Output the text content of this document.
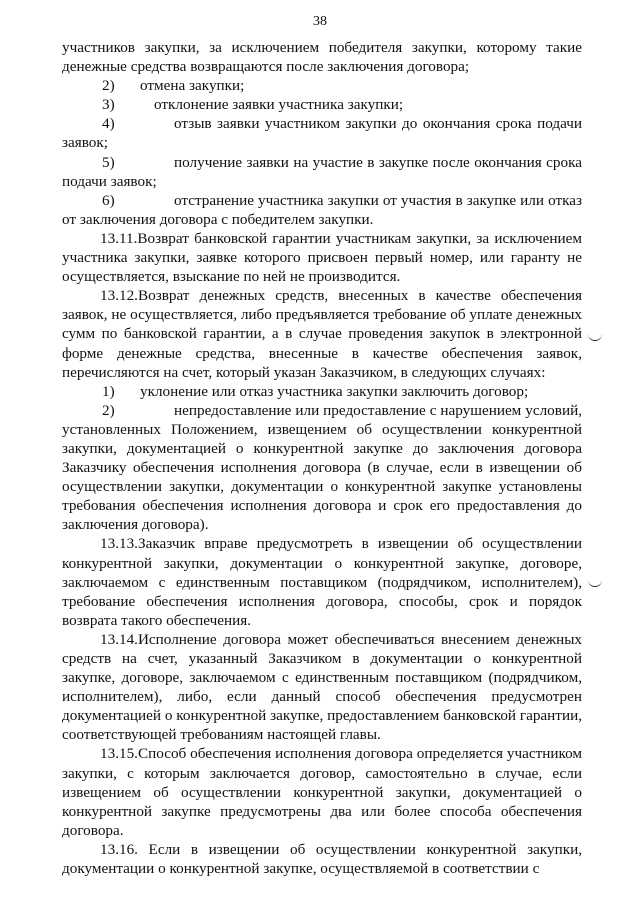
38

участников закупки, за исключением победителя закупки, которому такие денежные средства возвращаются после заключения договора;

2)	отмена закупки;
3)	отклонение заявки участника закупки;

4)	отзыв заявки участником закупки до окончания срока подачи заявок;

5)	получение заявки на участие в закупке после окончания срока подачи заявок;

6)	отстранение участника закупки от участия в закупке или отказ от заключения договора с победителем закупки.

13.11.Возврат банковской гарантии участникам закупки, за исключением участника закупки, заявке которого присвоен первый номер, или гаранту не осуществляется, взыскание по ней не производится.

13.12.Возврат денежных средств, внесенных в качестве обеспечения заявок, не осуществляется, либо предъявляется требование об уплате денежных сумм по банковской гарантии, а в случае проведения закупок в электронной форме денежные средства, внесенные в качестве обеспечения заявок, перечисляются на счет, который указан Заказчиком, в следующих случаях:

1)	уклонение или отказ участника закупки заключить договор;

2)	непредоставление или предоставление с нарушением условий, установленных Положением, извещением об осуществлении конкурентной закупки, документацией о конкурентной закупке до заключения договора Заказчику обеспечения исполнения договора (в случае, если в извещении об осуществлении закупки, документации о конкурентной закупке установлены требования обеспечения исполнения договора и срок его предоставления до заключения договора).

13.13.Заказчик вправе предусмотреть в извещении об осуществлении конкурентной закупки, документации о конкурентной закупке, договоре, заключаемом с единственным поставщиком (подрядчиком, исполнителем), требование обеспечения исполнения договора, способы, срок и порядок возврата такого обеспечения.

13.14.Исполнение договора может обеспечиваться внесением денежных средств на счет, указанный Заказчиком в документации о конкурентной закупке, договоре, заключаемом с единственным поставщиком (подрядчиком, исполнителем), либо, если данный способ обеспечения предусмотрен документацией о конкурентной закупке, предоставлением банковской гарантии, соответствующей требованиям настоящей главы.

13.15.Способ обеспечения исполнения договора определяется участником закупки, с которым заключается договор, самостоятельно в случае, если извещением об осуществлении конкурентной закупки, документацией о конкурентной закупке предусмотрены два или более способа обеспечения договора.

13.16. Если в извещении об осуществлении конкурентной закупки, документации о конкурентной закупке, осуществляемой в соответствии с
